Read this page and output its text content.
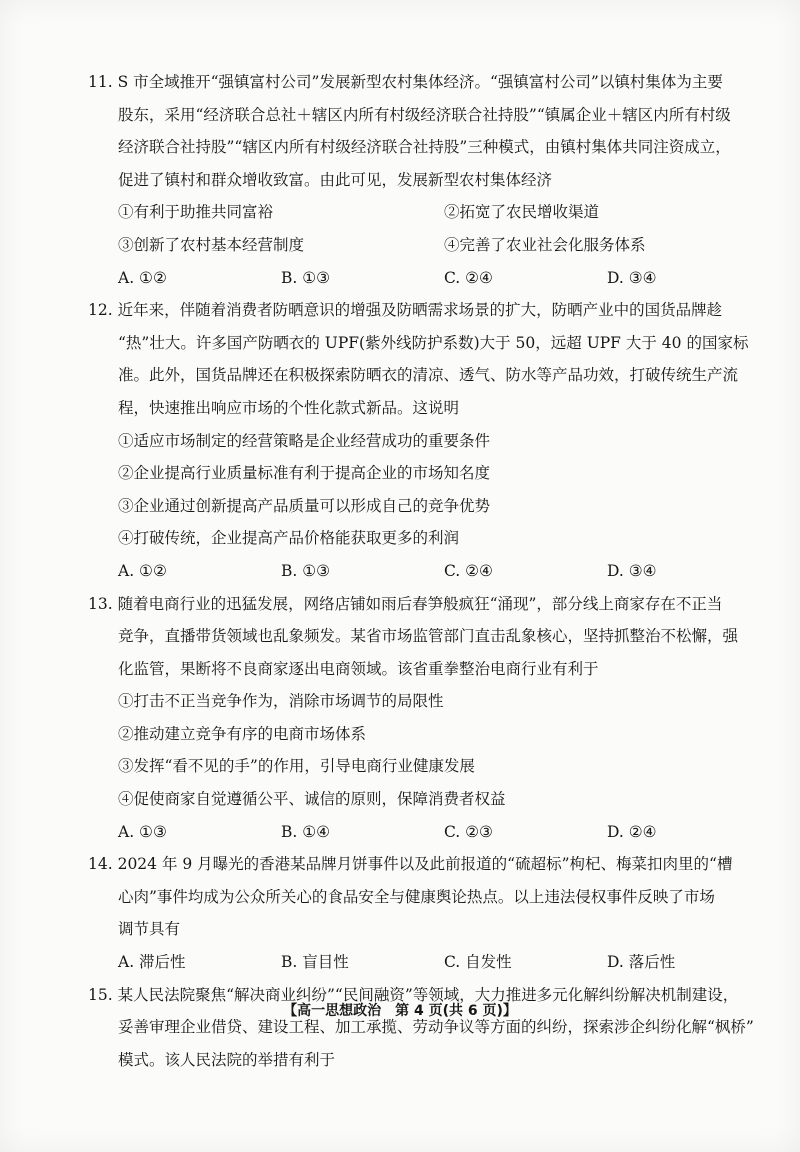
11. S 市全域推开“强镇富村公司”发展新型农村集体经济。“强镇富村公司”以镇村集体为主要
股东，采用“经济联合总社＋辖区内所有村级经济联合社持股”“镇属企业＋辖区内所有村级
经济联合社持股”“辖区内所有村级经济联合社持股”三种模式，由镇村集体共同注资成立，
促进了镇村和群众增收致富。由此可见，发展新型农村集体经济
①有利于助推共同富裕	②拓宽了农民增收渠道
③创新了农村基本经营制度	④完善了农业社会化服务体系
A. ①②	B. ①③	C. ②④	D. ③④
12. 近年来，伴随着消费者防晒意识的增强及防晒需求场景的扩大，防晒产业中的国货品牌趁
“热”壮大。许多国产防晒衣的 UPF(紫外线防护系数)大于 50，远超 UPF 大于 40 的国家标
准。此外，国货品牌还在积极探索防晒衣的清凉、透气、防水等产品功效，打破传统生产流
程，快速推出响应市场的个性化款式新品。这说明
①适应市场制定的经营策略是企业经营成功的重要条件
②企业提高行业质量标准有利于提高企业的市场知名度
③企业通过创新提高产品质量可以形成自己的竞争优势
④打破传统，企业提高产品价格能获取更多的利润
A. ①②	B. ①③	C. ②④	D. ③④
13. 随着电商行业的迅猛发展，网络店铺如雨后春笋般疯狂“涌现”，部分线上商家存在不正当
竞争，直播带货领域也乱象频发。某省市场监管部门直击乱象核心，坚持抓整治不松懈，强
化监管，果断将不良商家逐出电商领域。该省重拳整治电商行业有利于
①打击不正当竞争作为，消除市场调节的局限性
②推动建立竞争有序的电商市场体系
③发挥“看不见的手”的作用，引导电商行业健康发展
④促使商家自觉遵循公平、诚信的原则，保障消费者权益
A. ①③	B. ①④	C. ②③	D. ②④
14. 2024 年 9 月曝光的香港某品牌月饼事件以及此前报道的“硫超标”枸杞、梅菜扣肉里的“槽
心肉”事件均成为公众所关心的食品安全与健康舆论热点。以上违法侵权事件反映了市场
调节具有
A. 滞后性	B. 盲目性	C. 自发性	D. 落后性
15. 某人民法院聚焦“解决商业纠纷”“民间融资”等领域，大力推进多元化解纠纷解决机制建设，
妥善审理企业借贷、建设工程、加工承揽、劳动争议等方面的纠纷，探索涉企纠纷化解“枫桥”
模式。该人民法院的举措有利于
【高一思想政治　第 4 页(共 6 页)】
